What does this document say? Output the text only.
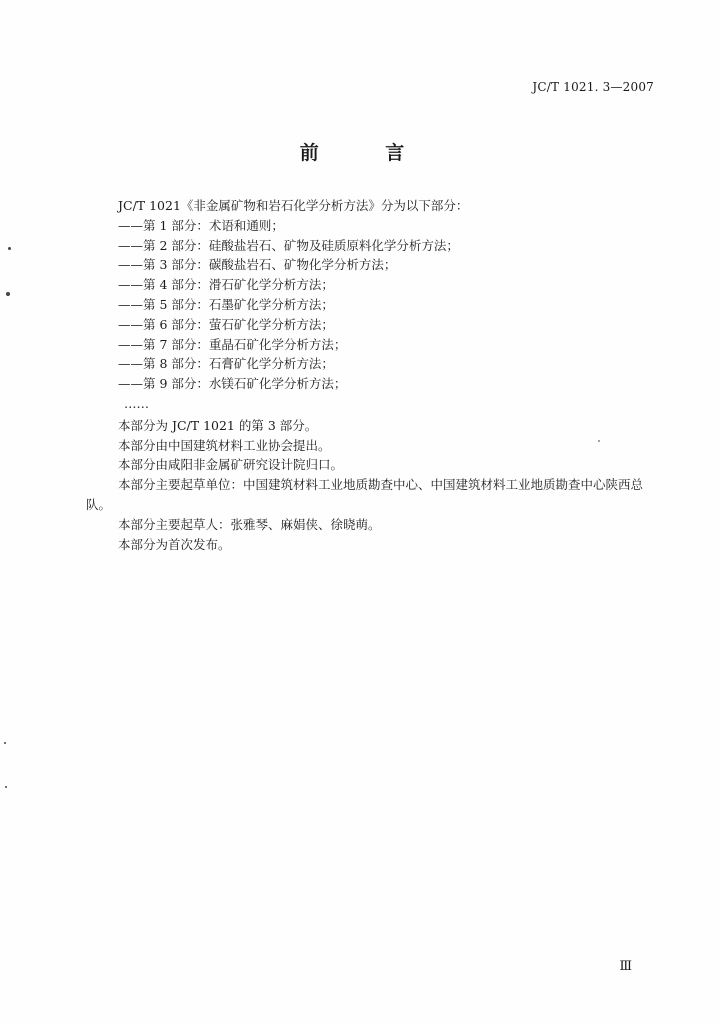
JC/T 1021. 3—2007
前 言
JC/T 1021《非金属矿物和岩石化学分析方法》分为以下部分：
——第 1 部分：术语和通则；
——第 2 部分：硅酸盐岩石、矿物及硅质原料化学分析方法；
——第 3 部分：碳酸盐岩石、矿物化学分析方法；
——第 4 部分：滑石矿化学分析方法；
——第 5 部分：石墨矿化学分析方法；
——第 6 部分：萤石矿化学分析方法；
——第 7 部分：重晶石矿化学分析方法；
——第 8 部分：石膏矿化学分析方法；
——第 9 部分：水镁石矿化学分析方法；
……
本部分为 JC/T 1021 的第 3 部分。
本部分由中国建筑材料工业协会提出。
本部分由咸阳非金属矿研究设计院归口。
本部分主要起草单位：中国建筑材料工业地质勘查中心、中国建筑材料工业地质勘查中心陕西总
队。
本部分主要起草人：张雅琴、麻娟侠、徐晓萌。
本部分为首次发布。
Ⅲ
